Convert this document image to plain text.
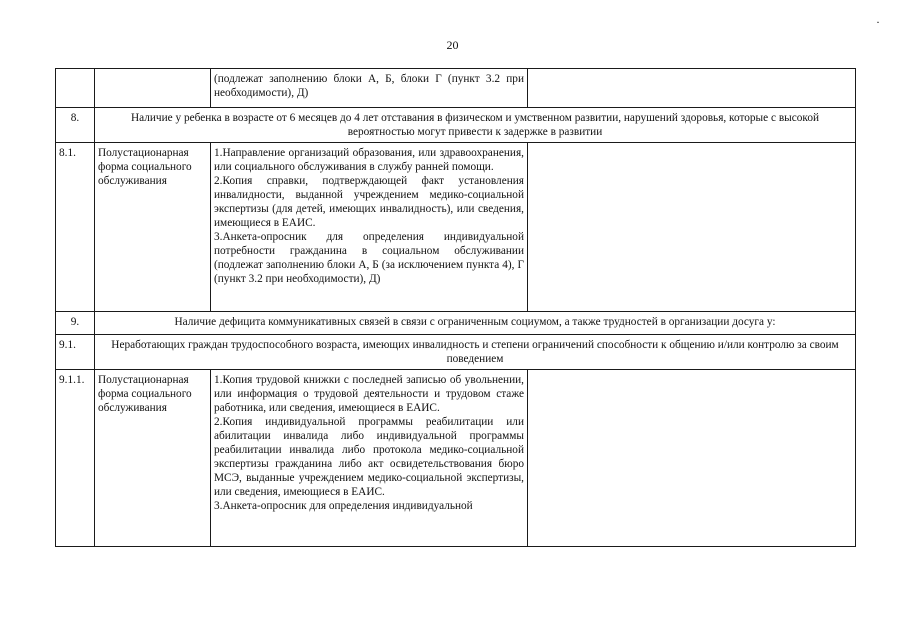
20
·

		(подлежат заполнению блоки А, Б, блоки Г (пункт 3.2 при необходимости), Д)	

8.	Наличие у ребенка в возрасте от 6 месяцев до 4 лет отставания в физическом и умственном развитии, нарушений здоровья, которые с высокой вероятностью могут привести к задержке в развитии		
8.1.	Полустационарная форма социального обслуживания	1.Направление организаций образования, или здравоохранения, или социального обслуживания в службу ранней помощи.

2.Копия справки, подтверждающей факт установления инвалидности, выданной учреждением медико-социальной экспертизы (для детей, имеющих инвалидность), или сведения, имеющиеся в ЕАИС.

3.Анкета-опросник для определения индивидуальной потребности гражданина в социальном обслуживании (подлежат заполнению блоки А, Б (за исключением пункта 4), Г (пункт 3.2 при необходимости), Д)	

9.	Наличие дефицита коммуникативных связей в связи с ограниченным социумом, а также трудностей в организации досуга у:		
9.1.	Неработающих граждан трудоспособного возраста, имеющих инвалидность и степени ограничений способности к общению и/или контролю за своим поведением		
9.1.1.	Полустационарная форма социального обслуживания	1.Копия трудовой книжки с последней записью об увольнении, или информация о трудовой деятельности и трудовом стаже работника, или сведения, имеющиеся в ЕАИС.

2.Копия индивидуальной программы реабилитации или абилитации инвалида либо индивидуальной программы реабилитации инвалида либо протокола медико-социальной экспертизы гражданина либо акт освидетельствования бюро МСЭ, выданные учреждением медико-социальной экспертизы, или сведения, имеющиеся в ЕАИС.

3.Анкета-опросник для определения индивидуальной	
